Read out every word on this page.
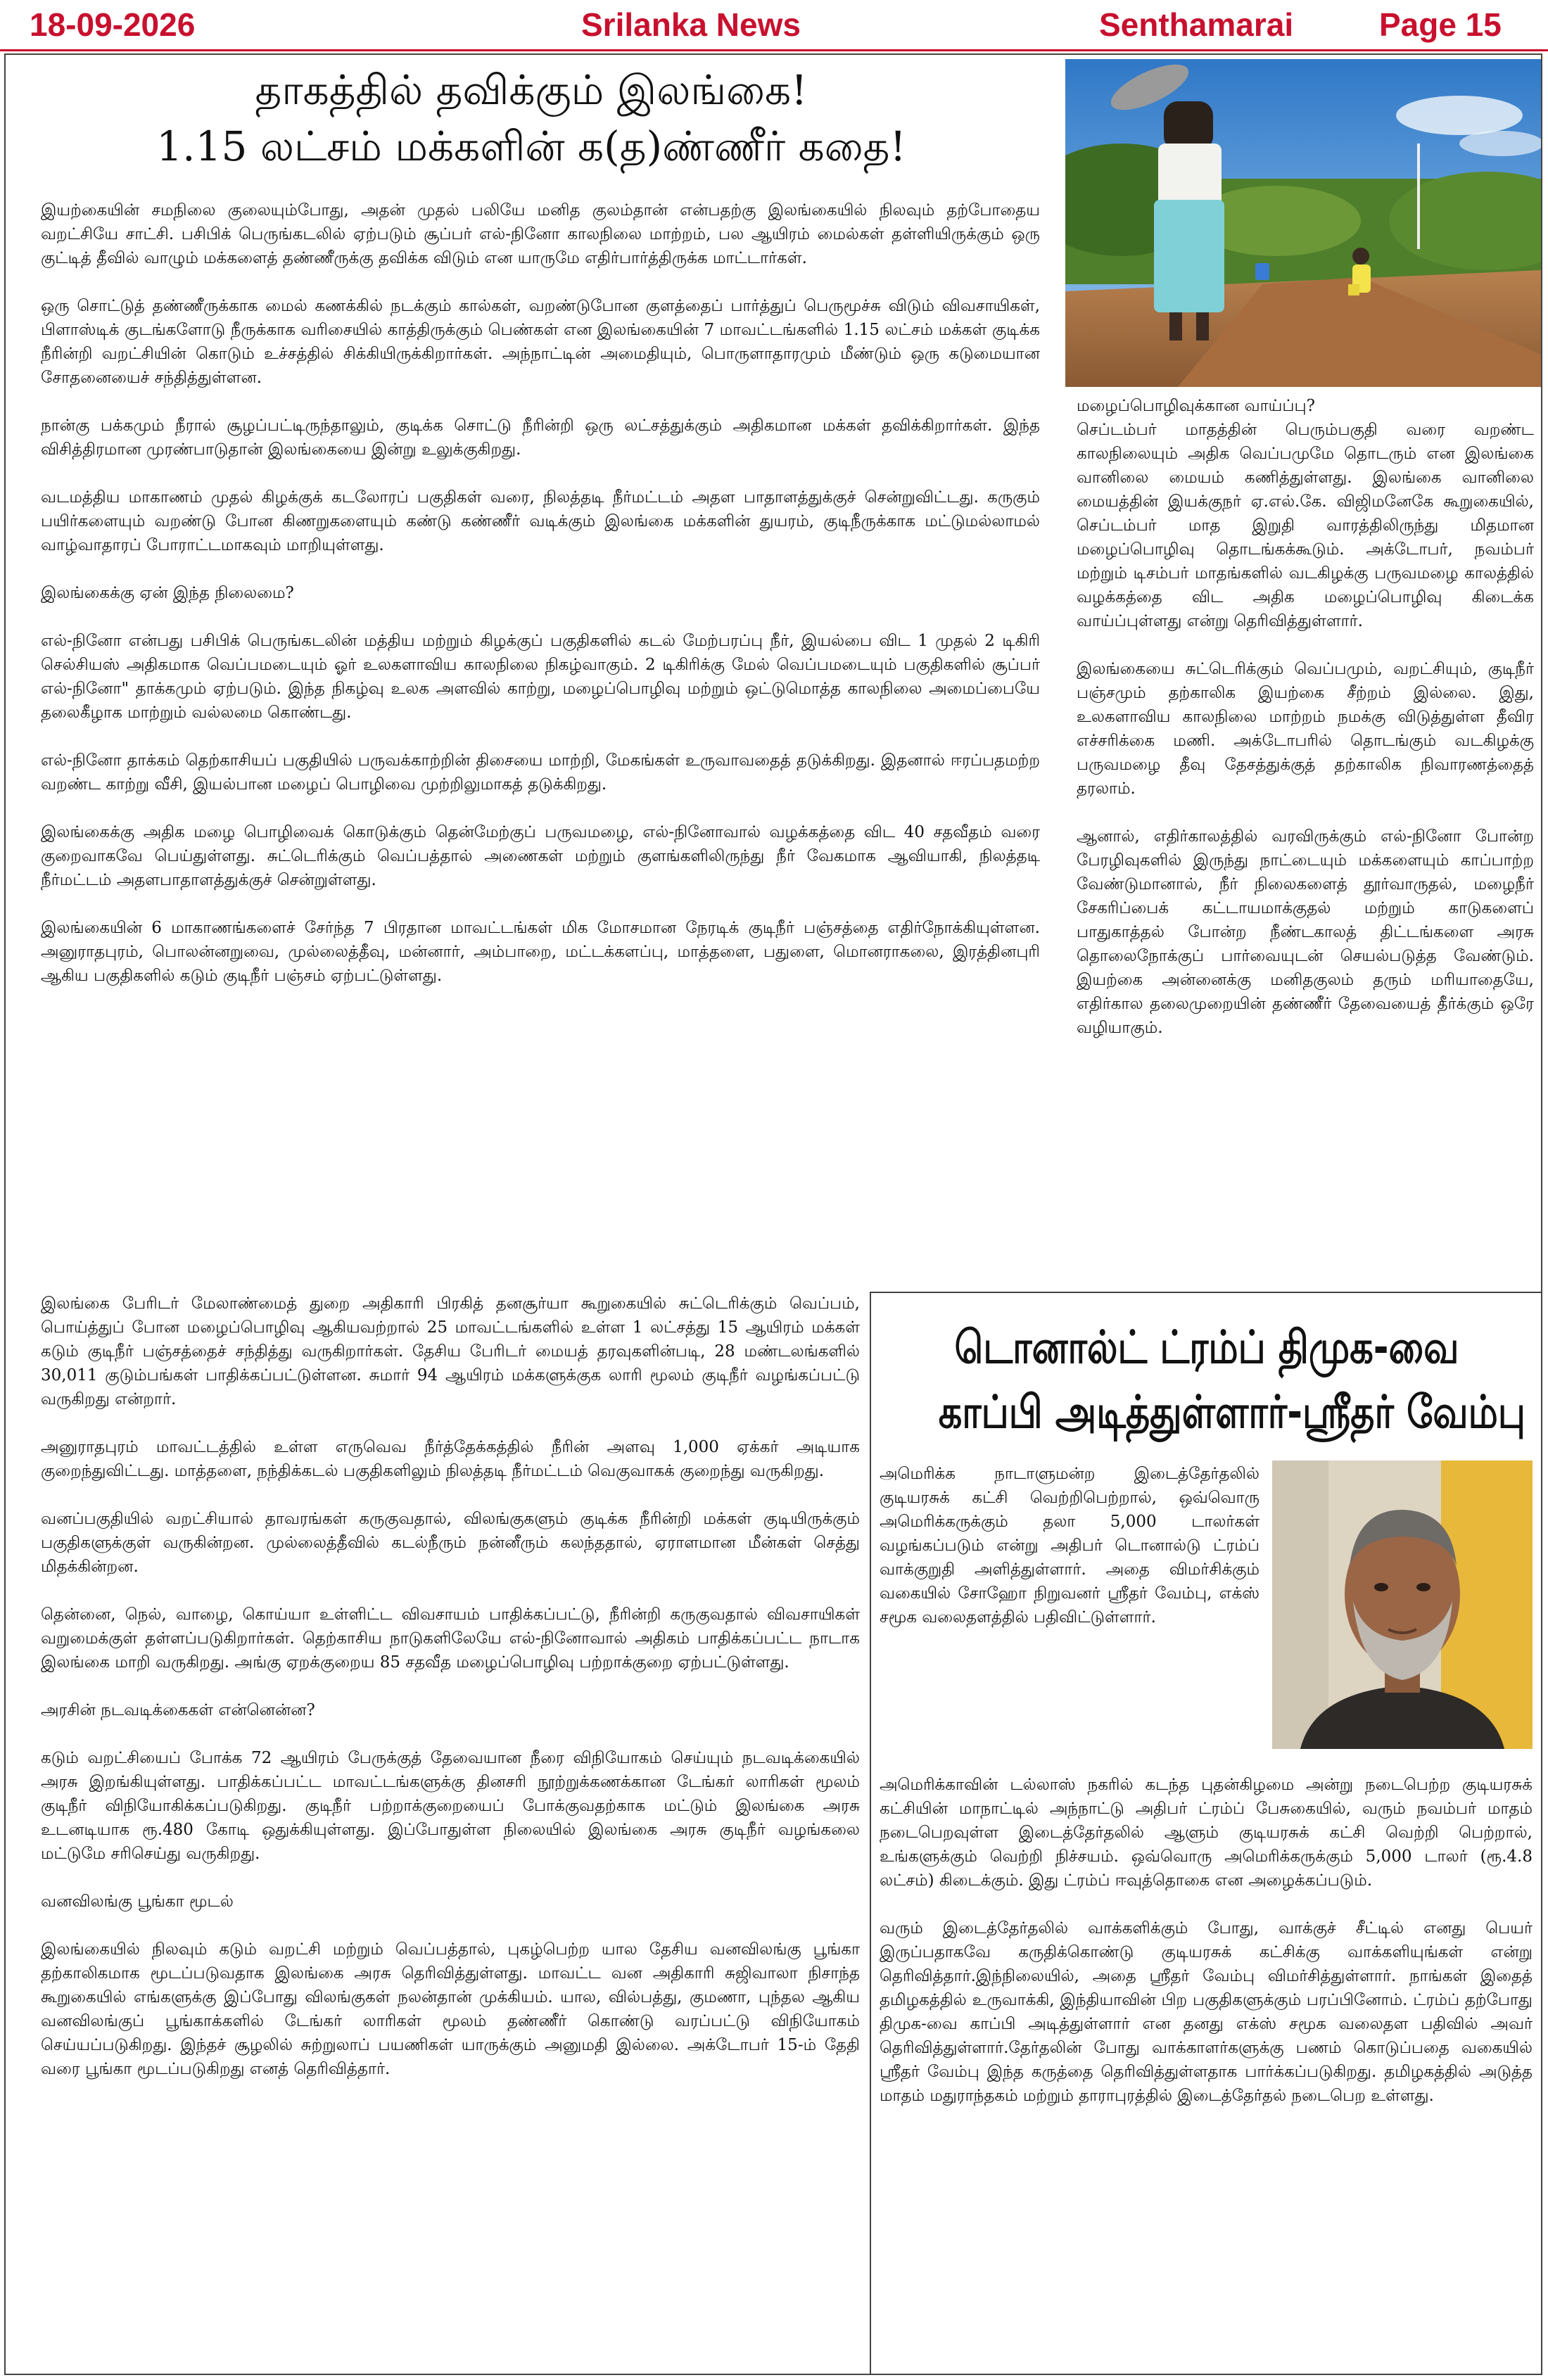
18-09-2026	Srilanka News	Senthamarai	Page 15
தாகத்தில் தவிக்கும் இலங்கை!
1.15 லட்சம் மக்களின் க(த)ண்ணீர் கதை!

இயற்கையின் சமநிலை குலையும்போது, அதன் முதல் பலியே மனித குலம்தான் என்பதற்கு இலங்கையில் நிலவும் தற்போதைய வறட்சியே சாட்சி. பசிபிக் பெருங்கடலில் ஏற்படும் சூப்பர் எல்-நினோ காலநிலை மாற்றம், பல ஆயிரம் மைல்கள் தள்ளியிருக்கும் ஒரு குட்டித் தீவில் வாழும் மக்களைத் தண்ணீருக்கு தவிக்க விடும் என யாருமே எதிர்பார்த்திருக்க மாட்டார்கள்.

ஒரு சொட்டுத் தண்ணீருக்காக மைல் கணக்கில் நடக்கும் கால்கள், வறண்டுபோன குளத்தைப் பார்த்துப் பெருமூச்சு விடும் விவசாயிகள், பிளாஸ்டிக் குடங்களோடு நீருக்காக வரிசையில் காத்திருக்கும் பெண்கள் என இலங்கையின் 7 மாவட்டங்களில் 1.15 லட்சம் மக்கள் குடிக்க நீரின்றி வறட்சியின் கொடும் உச்சத்தில் சிக்கியிருக்கிறார்கள். அந்நாட்டின் அமைதியும், பொருளாதாரமும் மீண்டும் ஒரு கடுமையான சோதனையைச் சந்தித்துள்ளன.

நான்கு பக்கமும் நீரால் சூழப்பட்டிருந்தாலும், குடிக்க சொட்டு நீரின்றி ஒரு லட்சத்துக்கும் அதிகமான மக்கள் தவிக்கிறார்கள். இந்த விசித்திரமான முரண்பாடுதான் இலங்கையை இன்று உலுக்குகிறது.

வடமத்திய மாகாணம் முதல் கிழக்குக் கடலோரப் பகுதிகள் வரை, நிலத்தடி நீர்மட்டம் அதள பாதாளத்துக்குச் சென்றுவிட்டது. கருகும் பயிர்களையும் வறண்டு போன கிணறுகளையும் கண்டு கண்ணீர் வடிக்கும் இலங்கை மக்களின் துயரம், குடிநீருக்காக மட்டுமல்லாமல் வாழ்வாதாரப் போராட்டமாகவும் மாறியுள்ளது.

இலங்கைக்கு ஏன் இந்த நிலைமை?

எல்-நினோ என்பது பசிபிக் பெருங்கடலின் மத்திய மற்றும் கிழக்குப் பகுதிகளில் கடல் மேற்பரப்பு நீர், இயல்பை விட 1 முதல் 2 டிகிரி செல்சியஸ் அதிகமாக வெப்பமடையும் ஓர் உலகளாவிய காலநிலை நிகழ்வாகும். 2 டிகிரிக்கு மேல் வெப்பமடையும் பகுதிகளில் சூப்பர் எல்-நினோ" தாக்கமும் ஏற்படும். இந்த நிகழ்வு உலக அளவில் காற்று, மழைப்பொழிவு மற்றும் ஒட்டுமொத்த காலநிலை அமைப்பையே தலைகீழாக மாற்றும் வல்லமை கொண்டது.

எல்-நினோ தாக்கம் தெற்காசியப் பகுதியில் பருவக்காற்றின் திசையை மாற்றி, மேகங்கள் உருவாவதைத் தடுக்கிறது. இதனால் ஈரப்பதமற்ற வறண்ட காற்று வீசி, இயல்பான மழைப் பொழிவை முற்றிலுமாகத் தடுக்கிறது.

இலங்கைக்கு அதிக மழை பொழிவைக் கொடுக்கும் தென்மேற்குப் பருவமழை, எல்-நினோவால் வழக்கத்தை விட 40 சதவீதம் வரை குறைவாகவே பெய்துள்ளது. சுட்டெரிக்கும் வெப்பத்தால் அணைகள் மற்றும் குளங்களிலிருந்து நீர் வேகமாக ஆவியாகி, நிலத்தடி நீர்மட்டம் அதளபாதாளத்துக்குச் சென்றுள்ளது.

இலங்கையின் 6 மாகாணங்களைச் சேர்ந்த 7 பிரதான மாவட்டங்கள் மிக மோசமான நேரடிக் குடிநீர் பஞ்சத்தை எதிர்நோக்கியுள்ளன. அனுராதபுரம், பொலன்னறுவை, முல்லைத்தீவு, மன்னார், அம்பாறை, மட்டக்களப்பு, மாத்தளை, பதுளை, மொனராகலை, இரத்தினபுரி ஆகிய பகுதிகளில் கடும் குடிநீர் பஞ்சம் ஏற்பட்டுள்ளது.

இலங்கை பேரிடர் மேலாண்மைத் துறை அதிகாரி பிரகித் தனசூர்யா கூறுகையில் சுட்டெரிக்கும் வெப்பம், பொய்த்துப் போன மழைப்பொழிவு ஆகியவற்றால் 25 மாவட்டங்களில் உள்ள 1 லட்சத்து 15 ஆயிரம் மக்கள் கடும் குடிநீர் பஞ்சத்தைச் சந்தித்து வருகிறார்கள். தேசிய பேரிடர் மையத் தரவுகளின்படி, 28 மண்டலங்களில் 30,011 குடும்பங்கள் பாதிக்கப்பட்டுள்ளன. சுமார் 94 ஆயிரம் மக்களுக்குக லாரி மூலம் குடிநீர் வழங்கப்பட்டு வருகிறது என்றார்.

அனுராதபுரம் மாவட்டத்தில் உள்ள எருவெவ நீர்த்தேக்கத்தில் நீரின் அளவு 1,000 ஏக்கர் அடியாக குறைந்துவிட்டது. மாத்தளை, நந்திக்கடல் பகுதிகளிலும் நிலத்தடி நீர்மட்டம் வெகுவாகக் குறைந்து வருகிறது.

வனப்பகுதியில் வறட்சியால் தாவரங்கள் கருகுவதால், விலங்குகளும் குடிக்க நீரின்றி மக்கள் குடியிருக்கும் பகுதிகளுக்குள் வருகின்றன. முல்லைத்தீவில் கடல்நீரும் நன்னீரும் கலந்ததால், ஏராளமான மீன்கள் செத்து மிதக்கின்றன.

தென்னை, நெல், வாழை, கொய்யா உள்ளிட்ட விவசாயம் பாதிக்கப்பட்டு, நீரின்றி கருகுவதால் விவசாயிகள் வறுமைக்குள் தள்ளப்படுகிறார்கள். தெற்காசிய நாடுகளிலேயே எல்-நினோவால் அதிகம் பாதிக்கப்பட்ட நாடாக இலங்கை மாறி வருகிறது. அங்கு ஏறக்குறைய 85 சதவீத மழைப்பொழிவு பற்றாக்குறை ஏற்பட்டுள்ளது.

அரசின் நடவடிக்கைகள் என்னென்ன?

கடும் வறட்சியைப் போக்க 72 ஆயிரம் பேருக்குத் தேவையான நீரை விநியோகம் செய்யும் நடவடிக்கையில் அரசு இறங்கியுள்ளது. பாதிக்கப்பட்ட மாவட்டங்களுக்கு தினசரி நூற்றுக்கணக்கான டேங்கர் லாரிகள் மூலம் குடிநீர் விநியோகிக்கப்படுகிறது. குடிநீர் பற்றாக்குறையைப் போக்குவதற்காக மட்டும் இலங்கை அரசு உடனடியாக ரூ.480 கோடி ஒதுக்கியுள்ளது. இப்போதுள்ள நிலையில் இலங்கை அரசு குடிநீர் வழங்கலை மட்டுமே சரிசெய்து வருகிறது.

வனவிலங்கு பூங்கா மூடல்

இலங்கையில் நிலவும் கடும் வறட்சி மற்றும் வெப்பத்தால், புகழ்பெற்ற யால தேசிய வனவிலங்கு பூங்கா தற்காலிகமாக மூடப்படுவதாக இலங்கை அரசு தெரிவித்துள்ளது. மாவட்ட வன அதிகாரி சுஜிவாலா நிசாந்த கூறுகையில் எங்களுக்கு இப்போது விலங்குகள் நலன்தான் முக்கியம். யால, வில்பத்து, குமணா, புந்தல ஆகிய வனவிலங்குப் பூங்காக்களில் டேங்கர் லாரிகள் மூலம் தண்ணீர் கொண்டு வரப்பட்டு விநியோகம் செய்யப்படுகிறது. இந்தச் சூழலில் சுற்றுலாப் பயணிகள் யாருக்கும் அனுமதி இல்லை. அக்டோபர் 15-ம் தேதி வரை பூங்கா மூடப்படுகிறது எனத் தெரிவித்தார்.

மழைப்பொழிவுக்கான வாய்ப்பு?

செப்டம்பர் மாதத்தின் பெரும்பகுதி வரை வறண்ட காலநிலையும் அதிக வெப்பமுமே தொடரும் என இலங்கை வானிலை மையம் கணித்துள்ளது. இலங்கை வானிலை மையத்தின் இயக்குநர் ஏ.எல்.கே. விஜிமனேகே கூறுகையில், செப்டம்பர் மாத இறுதி வாரத்திலிருந்து மிதமான மழைப்பொழிவு தொடங்கக்கூடும். அக்டோபர், நவம்பர் மற்றும் டிசம்பர் மாதங்களில் வடகிழக்கு பருவமழை காலத்தில் வழக்கத்தை விட அதிக மழைப்பொழிவு கிடைக்க வாய்ப்புள்ளது என்று தெரிவித்துள்ளார்.

இலங்கையை சுட்டெரிக்கும் வெப்பமும், வறட்சியும், குடிநீர் பஞ்சமும் தற்காலிக இயற்கை சீற்றம் இல்லை. இது, உலகளாவிய காலநிலை மாற்றம் நமக்கு விடுத்துள்ள தீவிர எச்சரிக்கை மணி. அக்டோபரில் தொடங்கும் வடகிழக்கு பருவமழை தீவு தேசத்துக்குத் தற்காலிக நிவாரணத்தைத் தரலாம்.

ஆனால், எதிர்காலத்தில் வரவிருக்கும் எல்-நினோ போன்ற பேரழிவுகளில் இருந்து நாட்டையும் மக்களையும் காப்பாற்ற வேண்டுமானால், நீர் நிலைகளைத் தூர்வாருதல், மழைநீர் சேகரிப்பைக் கட்டாயமாக்குதல் மற்றும் காடுகளைப் பாதுகாத்தல் போன்ற நீண்டகாலத் திட்டங்களை அரசு தொலைநோக்குப் பார்வையுடன் செயல்படுத்த வேண்டும். இயற்கை அன்னைக்கு மனிதகுலம் தரும் மரியாதையே, எதிர்கால தலைமுறையின் தண்ணீர் தேவையைத் தீர்க்கும் ஒரே வழியாகும்.

டொனால்ட் ட்ரம்ப் திமுக-வை
காப்பி அடித்துள்ளார்-ஸ்ரீதர் வேம்பு

அமெரிக்க நாடாளுமன்ற இடைத்தேர்தலில் குடியரசுக் கட்சி வெற்றிபெற்றால், ஒவ்வொரு அமெரிக்கருக்கும் தலா 5,000 டாலர்கள் வழங்கப்படும் என்று அதிபர் டொனால்டு ட்ரம்ப் வாக்குறுதி அளித்துள்ளார். அதை விமர்சிக்கும் வகையில் சோஹோ நிறுவனர் ஸ்ரீதர் வேம்பு, எக்ஸ் சமூக வலைதளத்தில் பதிவிட்டுள்ளார்.

அமெரிக்காவின் டல்லாஸ் நகரில் கடந்த புதன்கிழமை அன்று நடைபெற்ற குடியரசுக் கட்சியின் மாநாட்டில் அந்நாட்டு அதிபர் ட்ரம்ப் பேசுகையில், வரும் நவம்பர் மாதம் நடைபெறவுள்ள இடைத்தேர்தலில் ஆளும் குடியரசுக் கட்சி வெற்றி பெற்றால், உங்களுக்கும் வெற்றி நிச்சயம். ஒவ்வொரு அமெரிக்கருக்கும் 5,000 டாலர் (ரூ.4.8 லட்சம்) கிடைக்கும். இது ட்ரம்ப் ஈவுத்தொகை என அழைக்கப்படும்.

வரும் இடைத்தேர்தலில் வாக்களிக்கும் போது, வாக்குச் சீட்டில் எனது பெயர் இருப்பதாகவே கருதிக்கொண்டு குடியரசுக் கட்சிக்கு வாக்களியுங்கள் என்று தெரிவித்தார்.இந்நிலையில், அதை ஸ்ரீதர் வேம்பு விமர்சித்துள்ளார். நாங்கள் இதைத் தமிழகத்தில் உருவாக்கி, இந்தியாவின் பிற பகுதிகளுக்கும் பரப்பினோம். ட்ரம்ப் தற்போது திமுக-வை காப்பி அடித்துள்ளார் என தனது எக்ஸ் சமூக வலைதள பதிவில் அவர் தெரிவித்துள்ளார்.தேர்தலின் போது வாக்காளர்களுக்கு பணம் கொடுப்பதை வகையில் ஸ்ரீதர் வேம்பு இந்த கருத்தை தெரிவித்துள்ளதாக பார்க்கப்படுகிறது. தமிழகத்தில் அடுத்த மாதம் மதுராந்தகம் மற்றும் தாராபுரத்தில் இடைத்தேர்தல் நடைபெற உள்ளது.
